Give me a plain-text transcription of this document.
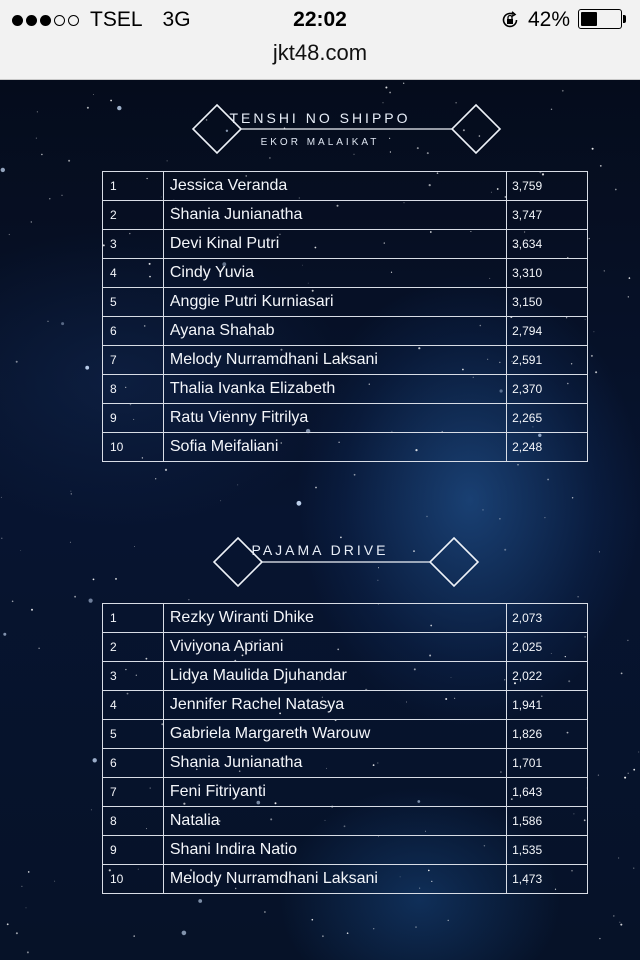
TSEL 3G	22:02	42%
jkt48.com
TENSHI NO SHIPPO
EKOR MALAIKAT
1	Jessica Veranda	3,759
2	Shania Junianatha	3,747
3	Devi Kinal Putri	3,634
4	Cindy Yuvia	3,310
5	Anggie Putri Kurniasari	3,150
6	Ayana Shahab	2,794
7	Melody Nurramdhani Laksani	2,591
8	Thalia Ivanka Elizabeth	2,370
9	Ratu Vienny Fitrilya	2,265
10	Sofia Meifaliani	2,248
PAJAMA DRIVE
1	Rezky Wiranti Dhike	2,073
2	Viviyona Apriani	2,025
3	Lidya Maulida Djuhandar	2,022
4	Jennifer Rachel Natasya	1,941
5	Gabriela Margareth Warouw	1,826
6	Shania Junianatha	1,701
7	Feni Fitriyanti	1,643
8	Natalia	1,586
9	Shani Indira Natio	1,535
10	Melody Nurramdhani Laksani	1,473
